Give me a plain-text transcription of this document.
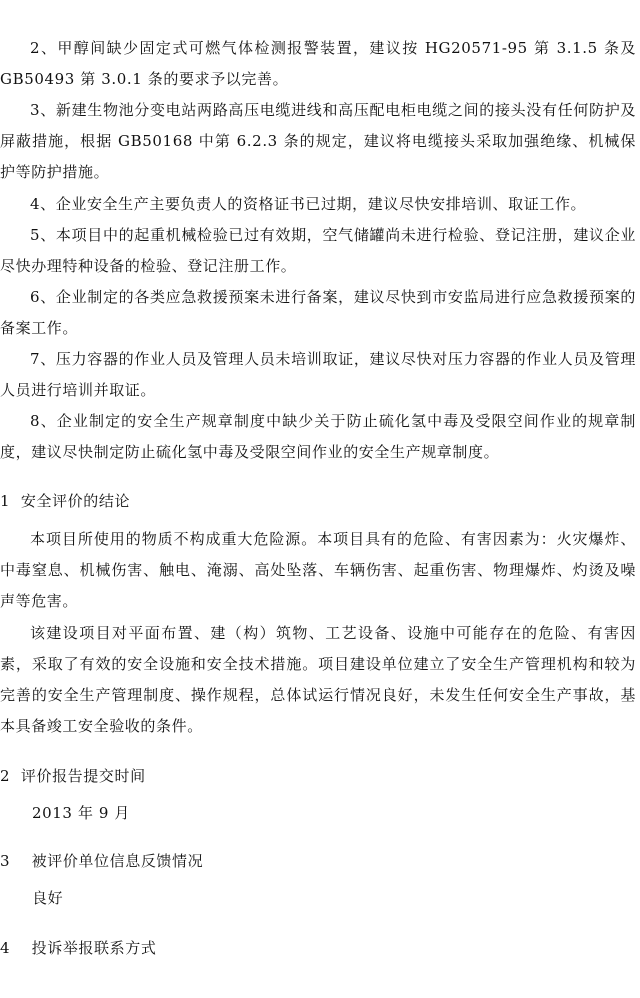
2、甲醇间缺少固定式可燃气体检测报警装置，建议按 HG20571-95 第 3.1.5 条及GB50493 第 3.0.1 条的要求予以完善。

3、新建生物池分变电站两路高压电缆进线和高压配电柜电缆之间的接头没有任何防护及屏蔽措施，根据 GB50168 中第 6.2.3 条的规定，建议将电缆接头采取加强绝缘、机械保护等防护措施。

4、企业安全生产主要负责人的资格证书已过期，建议尽快安排培训、取证工作。

5、本项目中的起重机械检验已过有效期，空气储罐尚未进行检验、登记注册，建议企业尽快办理特种设备的检验、登记注册工作。

6、企业制定的各类应急救援预案未进行备案，建议尽快到市安监局进行应急救援预案的备案工作。

7、压力容器的作业人员及管理人员未培训取证，建议尽快对压力容器的作业人员及管理人员进行培训并取证。

8、企业制定的安全生产规章制度中缺少关于防止硫化氢中毒及受限空间作业的规章制度，建议尽快制定防止硫化氢中毒及受限空间作业的安全生产规章制度。

1  安全评价的结论

本项目所使用的物质不构成重大危险源。本项目具有的危险、有害因素为：火灾爆炸、中毒窒息、机械伤害、触电、淹溺、高处坠落、车辆伤害、起重伤害、物理爆炸、灼烫及噪声等危害。

该建设项目对平面布置、建（构）筑物、工艺设备、设施中可能存在的危险、有害因素，采取了有效的安全设施和安全技术措施。项目建设单位建立了安全生产管理机构和较为完善的安全生产管理制度、操作规程，总体试运行情况良好，未发生任何安全生产事故，基本具备竣工安全验收的条件。

2  评价报告提交时间

2013 年 9 月

3    被评价单位信息反馈情况

良好

4    投诉举报联系方式
